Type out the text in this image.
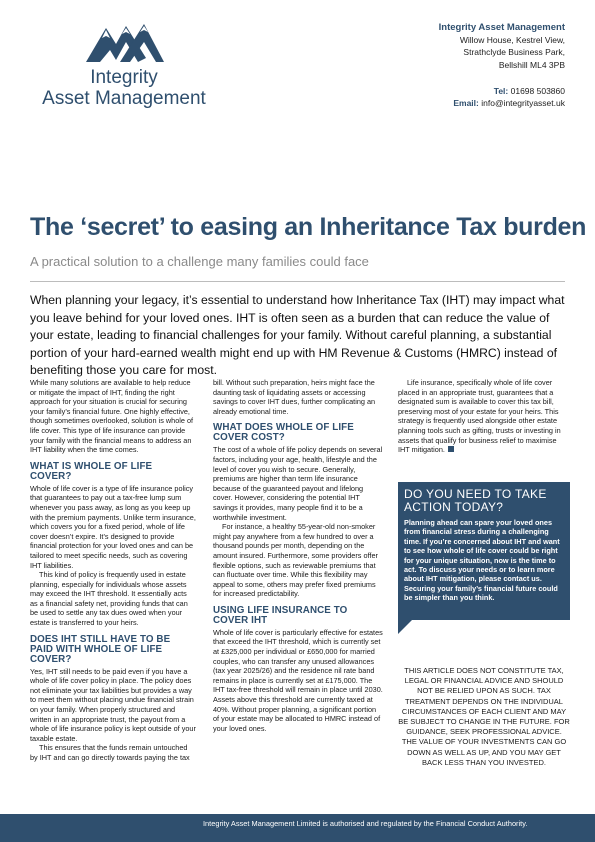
Integrity
Asset Management
Integrity Asset Management
Willow House, Kestrel View,
Strathclyde Business Park,
Bellshill ML4 3PB
Tel: 01698 503860
Email: info@integrityasset.uk
The ‘secret’ to easing an Inheritance Tax burden
A practical solution to a challenge many families could face

When planning your legacy, it’s essential to understand how Inheritance Tax (IHT) may impact what you leave behind for your loved ones. IHT is often seen as a burden that can reduce the value of your estate, leading to financial challenges for your family. Without careful planning, a substantial portion of your hard-earned wealth might end up with HM Revenue & Customs (HMRC) instead of benefiting those you care for most.

While many solutions are available to help reduce or mitigate the impact of IHT, finding the right approach for your situation is crucial for securing your family’s financial future. One highly effective, though sometimes overlooked, solution is whole of life cover. This type of life insurance can provide your family with the financial means to address an IHT liability when the time comes.

WHAT IS WHOLE OF LIFE COVER?

Whole of life cover is a type of life insurance policy that guarantees to pay out a tax-free lump sum whenever you pass away, as long as you keep up with the premium payments. Unlike term insurance, which covers you for a fixed period, whole of life cover doesn’t expire. It’s designed to provide financial protection for your loved ones and can be tailored to meet specific needs, such as covering IHT liabilities.

This kind of policy is frequently used in estate planning, especially for individuals whose assets may exceed the IHT threshold. It essentially acts as a financial safety net, providing funds that can be used to settle any tax dues owed when your estate is transferred to your heirs.

DOES IHT STILL HAVE TO BE PAID WITH WHOLE OF LIFE COVER?

Yes, IHT still needs to be paid even if you have a whole of life cover policy in place. The policy does not eliminate your tax liabilities but provides a way to meet them without placing undue financial strain on your family. When properly structured and written in an appropriate trust, the payout from a whole of life insurance policy is kept outside of your taxable estate.

This ensures that the funds remain untouched by IHT and can go directly towards paying the tax

bill. Without such preparation, heirs might face the daunting task of liquidating assets or accessing savings to cover IHT dues, further complicating an already emotional time.

WHAT DOES WHOLE OF LIFE COVER COST?

The cost of a whole of life policy depends on several factors, including your age, health, lifestyle and the level of cover you wish to secure. Generally, premiums are higher than term life insurance because of the guaranteed payout and lifelong cover. However, considering the potential IHT savings it provides, many people find it to be a worthwhile investment.

For instance, a healthy 55-year-old non-smoker might pay anywhere from a few hundred to over a thousand pounds per month, depending on the amount insured. Furthermore, some providers offer flexible options, such as reviewable premiums that can fluctuate over time. While this flexibility may appeal to some, others may prefer fixed premiums for increased predictability.

USING LIFE INSURANCE TO COVER IHT

Whole of life cover is particularly effective for estates that exceed the IHT threshold, which is currently set at £325,000 per individual or £650,000 for married couples, who can transfer any unused allowances (tax year 2025/26) and the residence nil rate band remains in place is currently set at £175,000. The IHT tax-free threshold will remain in place until 2030. Assets above this threshold are currently taxed at 40%. Without proper planning, a significant portion of your estate may be allocated to HMRC instead of your loved ones.

Life insurance, specifically whole of life cover placed in an appropriate trust, guarantees that a designated sum is available to cover this tax bill, preserving most of your estate for your heirs. This strategy is frequently used alongside other estate planning tools such as gifting, trusts or investing in assets that qualify for business relief to maximise IHT mitigation.

DO YOU NEED TO TAKE ACTION TODAY?
Planning ahead can spare your loved ones from financial stress during a challenging time. If you’re concerned about IHT and want to see how whole of life cover could be right for your unique situation, now is the time to act. To discuss your needs or to learn more about IHT mitigation, please contact us. Securing your family’s financial future could be simpler than you think.
THIS ARTICLE DOES NOT CONSTITUTE TAX, LEGAL OR FINANCIAL ADVICE AND SHOULD NOT BE RELIED UPON AS SUCH. TAX TREATMENT DEPENDS ON THE INDIVIDUAL CIRCUMSTANCES OF EACH CLIENT AND MAY BE SUBJECT TO CHANGE IN THE FUTURE. FOR GUIDANCE, SEEK PROFESSIONAL ADVICE. THE VALUE OF YOUR INVESTMENTS CAN GO DOWN AS WELL AS UP, AND YOU MAY GET BACK LESS THAN YOU INVESTED.
Integrity Asset Management Limited is authorised and regulated by the Financial Conduct Authority.
